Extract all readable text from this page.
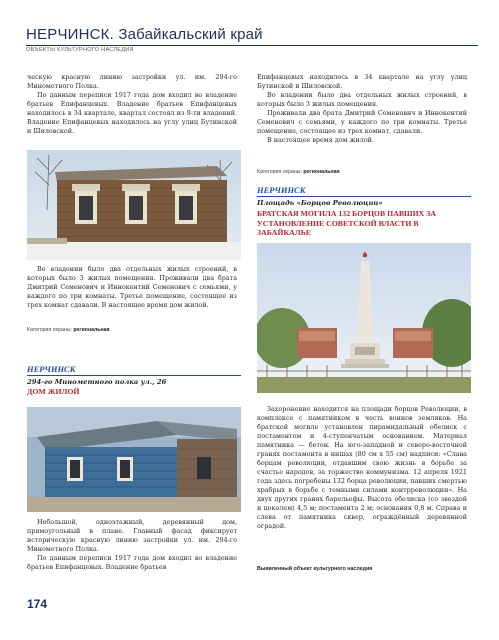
НЕРЧИНСК. Забайкальский край
ОБЪЕКТЫ КУЛЬТУРНОГО НАСЛЕДИЯ

ческую красную линию застройки ул. им. 294-го Минометного Полка.

По данным переписи 1917 года дом входил во владение братьев Епифанцевых. Владение братьев Епифанцевых находилось в 34 квартале, квартал состоял из 9-ти владений. Владение Епифанцевых находилось на углу улиц Бутинской и Шиловской.

Во владении было два отдельных жилых строений, в которых было 3 жилых помещения. Проживали два брата Дмитрий Семенович и Иннокентий Семенович с семьями, у каждого по три комнаты. Третье помещение, состоящее из трех комнат сдавали. В настоящее время дом жилой.

Категория охраны: региональная
НЕРЧИНСК
294-го Минометного полка ул., 26
ДОМ ЖИЛОЙ

Небольшой, одноэтажный, деревянный дом, прямоугольный в плане. Главный фасад фиксирует историческую красную линию застройки ул. им. 294-го Минометного Полка.

По данным переписи 1917 года дом входил во владение братьев Епифанцевых. Владение братьев

Епифанцевых находилось в 34 квартале на углу улиц Бутинской и Шиловской.

Во владении было два отдельных жилых строений, в которых было 3 жилых помещения.

Проживали два брата Дмитрий Семенович и Иннокентий Семенович с семьями, у каждого по три комнаты. Третье помещение, состоящее из трех комнат, сдавали.

В настоящее время дом жилой.

Категория охраны: региональная
НЕРЧИНСК
Площадь «Борцов Революции»
БРАТСКАЯ МОГИЛА 132 БОРЦОВ ПАВШИХ ЗА УСТАНОВЛЕНИЕ СОВЕТСКОЙ ВЛАСТИ В ЗАБАЙКАЛЬЕ

Захоронение находится на площади борцов Революции, в комплексе с памятником в честь воинов земляков. На братской могиле установлен пирамидальный обелиск с постаментом и 4-ступенчатым основанием. Материал памятника — бетон. На юго-западной и северо-восточной гранях постамента в нишах (80 см х 55 см) надписи: «Слава борцам революции, отдавшим свою жизнь в борьбе за счастье народов, за торжество коммунизма. 12 апреля 1921 года здесь погребены 132 борца революции, павших смертью храбрых в борьбе с темными силами контрреволюции». На двух других гранях барельефы. Высота обелиска (со звездой и цоколем) 4,5 м; постамента 2 м; основания 0,8 м. Справа и слева от памятника сквер, ограждённый деревянной оградой.

Выявленный объект культурного наследия
174
